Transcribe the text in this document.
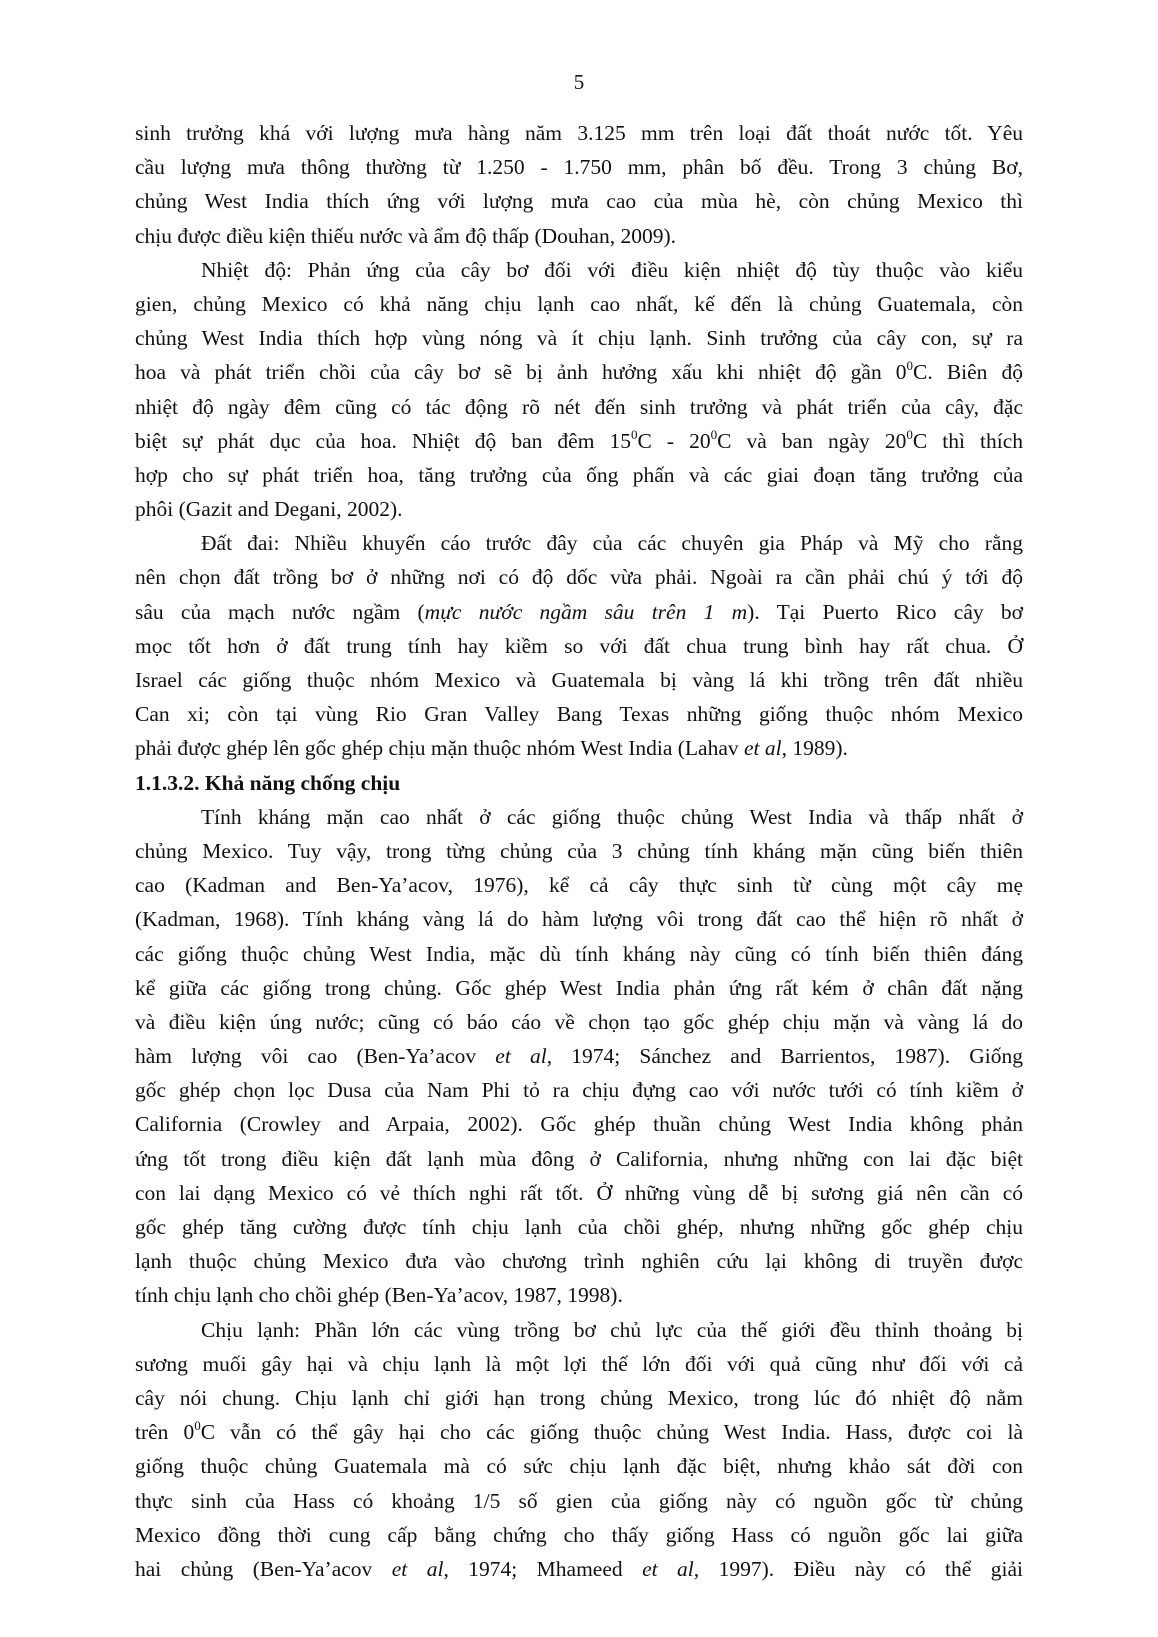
5
sinh trưởng khá với lượng mưa hàng năm 3.125 mm trên loại đất thoát nước tốt. Yêu
cầu lượng mưa thông thường từ 1.250 - 1.750 mm, phân bố đều. Trong 3 chủng Bơ,
chủng West India thích ứng với lượng mưa cao của mùa hè, còn chủng Mexico thì
chịu được điều kiện thiếu nước và ẩm độ thấp (Douhan, 2009).
Nhiệt độ: Phản ứng của cây bơ đối với điều kiện nhiệt độ tùy thuộc vào kiểu
gien, chủng Mexico có khả năng chịu lạnh cao nhất, kế đến là chủng Guatemala, còn
chủng West India thích hợp vùng nóng và ít chịu lạnh. Sinh trưởng của cây con, sự ra
hoa và phát triển chồi của cây bơ sẽ bị ảnh hưởng xấu khi nhiệt độ gần $0^0C$. Biên độ
nhiệt độ ngày đêm cũng có tác động rõ nét đến sinh trưởng và phát triển của cây, đặc
biệt sự phát dục của hoa. Nhiệt độ ban đêm $15^0C - 20^0C$ và ban ngày $20^0C$ thì thích
hợp cho sự phát triển hoa, tăng trưởng của ống phấn và các giai đoạn tăng trưởng của
phôi (Gazit and Degani, 2002).
Đất đai: Nhiều khuyến cáo trước đây của các chuyên gia Pháp và Mỹ cho rằng
nên chọn đất trồng bơ ở những nơi có độ dốc vừa phải. Ngoài ra cần phải chú ý tới độ
sâu của mạch nước ngầm (mực nước ngầm sâu trên 1 m). Tại Puerto Rico cây bơ
mọc tốt hơn ở đất trung tính hay kiềm so với đất chua trung bình hay rất chua. Ở
Israel các giống thuộc nhóm Mexico và Guatemala bị vàng lá khi trồng trên đất nhiều
Can xi; còn tại vùng Rio Gran Valley Bang Texas những giống thuộc nhóm Mexico
phải được ghép lên gốc ghép chịu mặn thuộc nhóm West India (Lahav et al, 1989).
1.1.3.2. Khả năng chống chịu
Tính kháng mặn cao nhất ở các giống thuộc chủng West India và thấp nhất ở
chủng Mexico. Tuy vậy, trong từng chủng của 3 chủng tính kháng mặn cũng biến thiên
cao (Kadman and Ben-Ya’acov, 1976), kể cả cây thực sinh từ cùng một cây mẹ
(Kadman, 1968). Tính kháng vàng lá do hàm lượng vôi trong đất cao thể hiện rõ nhất ở
các giống thuộc chủng West India, mặc dù tính kháng này cũng có tính biến thiên đáng
kể giữa các giống trong chủng. Gốc ghép West India phản ứng rất kém ở chân đất nặng
và điều kiện úng nước; cũng có báo cáo về chọn tạo gốc ghép chịu mặn và vàng lá do
hàm lượng vôi cao (Ben-Ya’acov et al, 1974; Sánchez and Barrientos, 1987). Giống
gốc ghép chọn lọc Dusa của Nam Phi tỏ ra chịu đựng cao với nước tưới có tính kiềm ở
California (Crowley and Arpaia, 2002). Gốc ghép thuần chủng West India không phản
ứng tốt trong điều kiện đất lạnh mùa đông ở California, nhưng những con lai đặc biệt
con lai dạng Mexico có vẻ thích nghi rất tốt. Ở những vùng dễ bị sương giá nên cần có
gốc ghép tăng cường được tính chịu lạnh của chồi ghép, nhưng những gốc ghép chịu
lạnh thuộc chủng Mexico đưa vào chương trình nghiên cứu lại không di truyền được
tính chịu lạnh cho chồi ghép (Ben-Ya’acov, 1987, 1998).
Chịu lạnh: Phần lớn các vùng trồng bơ chủ lực của thế giới đều thỉnh thoảng bị
sương muối gây hại và chịu lạnh là một lợi thế lớn đối với quả cũng như đối với cả
cây nói chung. Chịu lạnh chỉ giới hạn trong chủng Mexico, trong lúc đó nhiệt độ nằm
trên $0^0C$ vẫn có thể gây hại cho các giống thuộc chủng West India. Hass, được coi là
giống thuộc chủng Guatemala mà có sức chịu lạnh đặc biệt, nhưng khảo sát đời con
thực sinh của Hass có khoảng 1/5 số gien của giống này có nguồn gốc từ chủng
Mexico đồng thời cung cấp bằng chứng cho thấy giống Hass có nguồn gốc lai giữa
hai chủng (Ben-Ya’acov et al, 1974; Mhameed et al, 1997). Điều này có thể giải
